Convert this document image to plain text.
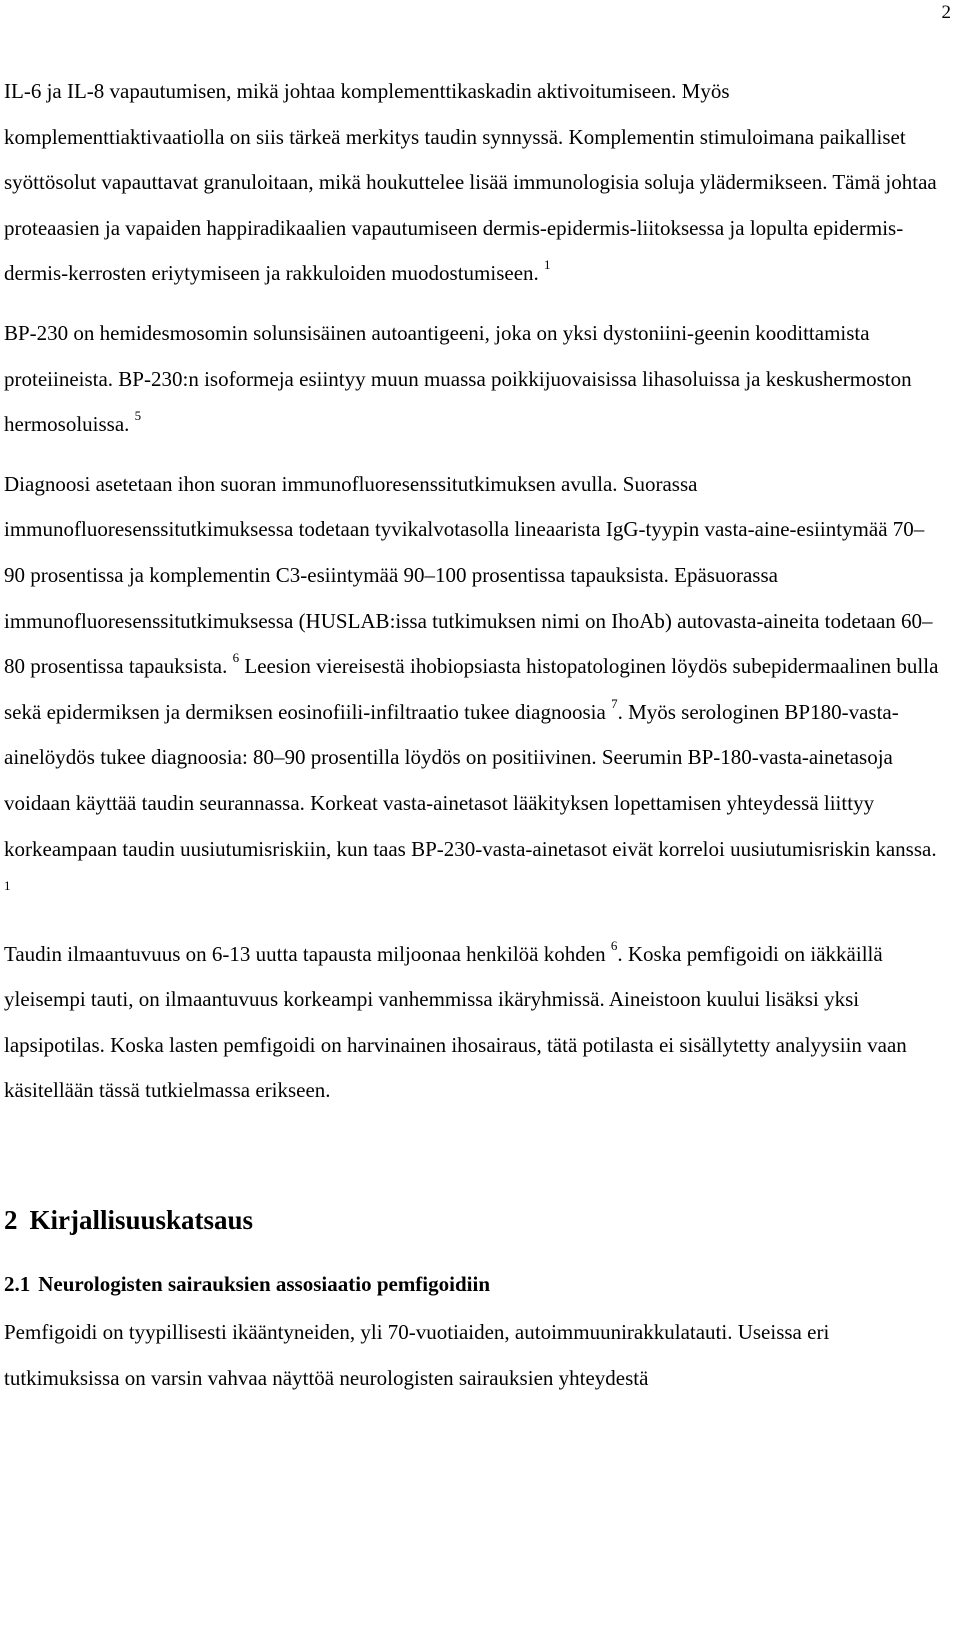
2

IL-6 ja IL-8 vapautumisen, mikä johtaa komplementtikaskadin aktivoitumiseen. Myös komplementtiaktivaatiolla on siis tärkeä merkitys taudin synnyssä. Komplementin stimuloimana paikalliset syöttösolut vapauttavat granuloitaan, mikä houkuttelee lisää immunologisia soluja ylädermikseen. Tämä johtaa proteaasien ja vapaiden happiradikaalien vapautumiseen dermis-epidermis-liitoksessa ja lopulta epidermis-dermis-kerrosten eriytymiseen ja rakkuloiden muodostumiseen. $^1$

BP-230 on hemidesmosomin solunsisäinen autoantigeeni, joka on yksi dystoniini-geenin koodittamista proteiineista. BP-230:n isoformeja esiintyy muun muassa poikkijuovaisissa lihasoluissa ja keskushermoston hermosoluissa. $^5$

Diagnoosi asetetaan ihon suoran immunofluoresenssitutkimuksen avulla. Suorassa immunofluoresenssitutkimuksessa todetaan tyvikalvotasolla lineaarista IgG-tyypin vasta-aine-esiintymää 70–90 prosentissa ja komplementin C3-esiintymää 90–100 prosentissa tapauksista. Epäsuorassa immunofluoresenssitutkimuksessa (HUSLAB:issa tutkimuksen nimi on IhoAb) autovasta-aineita todetaan 60–80 prosentissa tapauksista. $^6$ Leesion viereisestä ihobiopsiasta histopatologinen löydös subepidermaalinen bulla sekä epidermiksen ja dermiksen eosinofiili-infiltraatio tukee diagnoosia $^7$. Myös serologinen BP180-vasta-ainelöydös tukee diagnoosia: 80–90 prosentilla löydös on positiivinen. Seerumin BP-180-vasta-ainetasoja voidaan käyttää taudin seurannassa. Korkeat vasta-ainetasot lääkityksen lopettamisen yhteydessä liittyy korkeampaan taudin uusiutumisriskiin, kun taas BP-230-vasta-ainetasot eivät korreloi uusiutumisriskin kanssa. $^1$

Taudin ilmaantuvuus on 6-13 uutta tapausta miljoonaa henkilöä kohden $^6$. Koska pemfigoidi on iäkkäillä yleisempi tauti, on ilmaantuvuus korkeampi vanhemmissa ikäryhmissä. Aineistoon kuului lisäksi yksi lapsipotilas. Koska lasten pemfigoidi on harvinainen ihosairaus, tätä potilasta ei sisällytetty analyysiin vaan käsitellään tässä tutkielmassa erikseen.

2 Kirjallisuuskatsaus
2.1 Neurologisten sairauksien assosiaatio pemfigoidiin

Pemfigoidi on tyypillisesti ikääntyneiden, yli 70-vuotiaiden, autoimmuunirakkulatauti. Useissa eri tutkimuksissa on varsin vahvaa näyttöä neurologisten sairauksien yhteydestä
